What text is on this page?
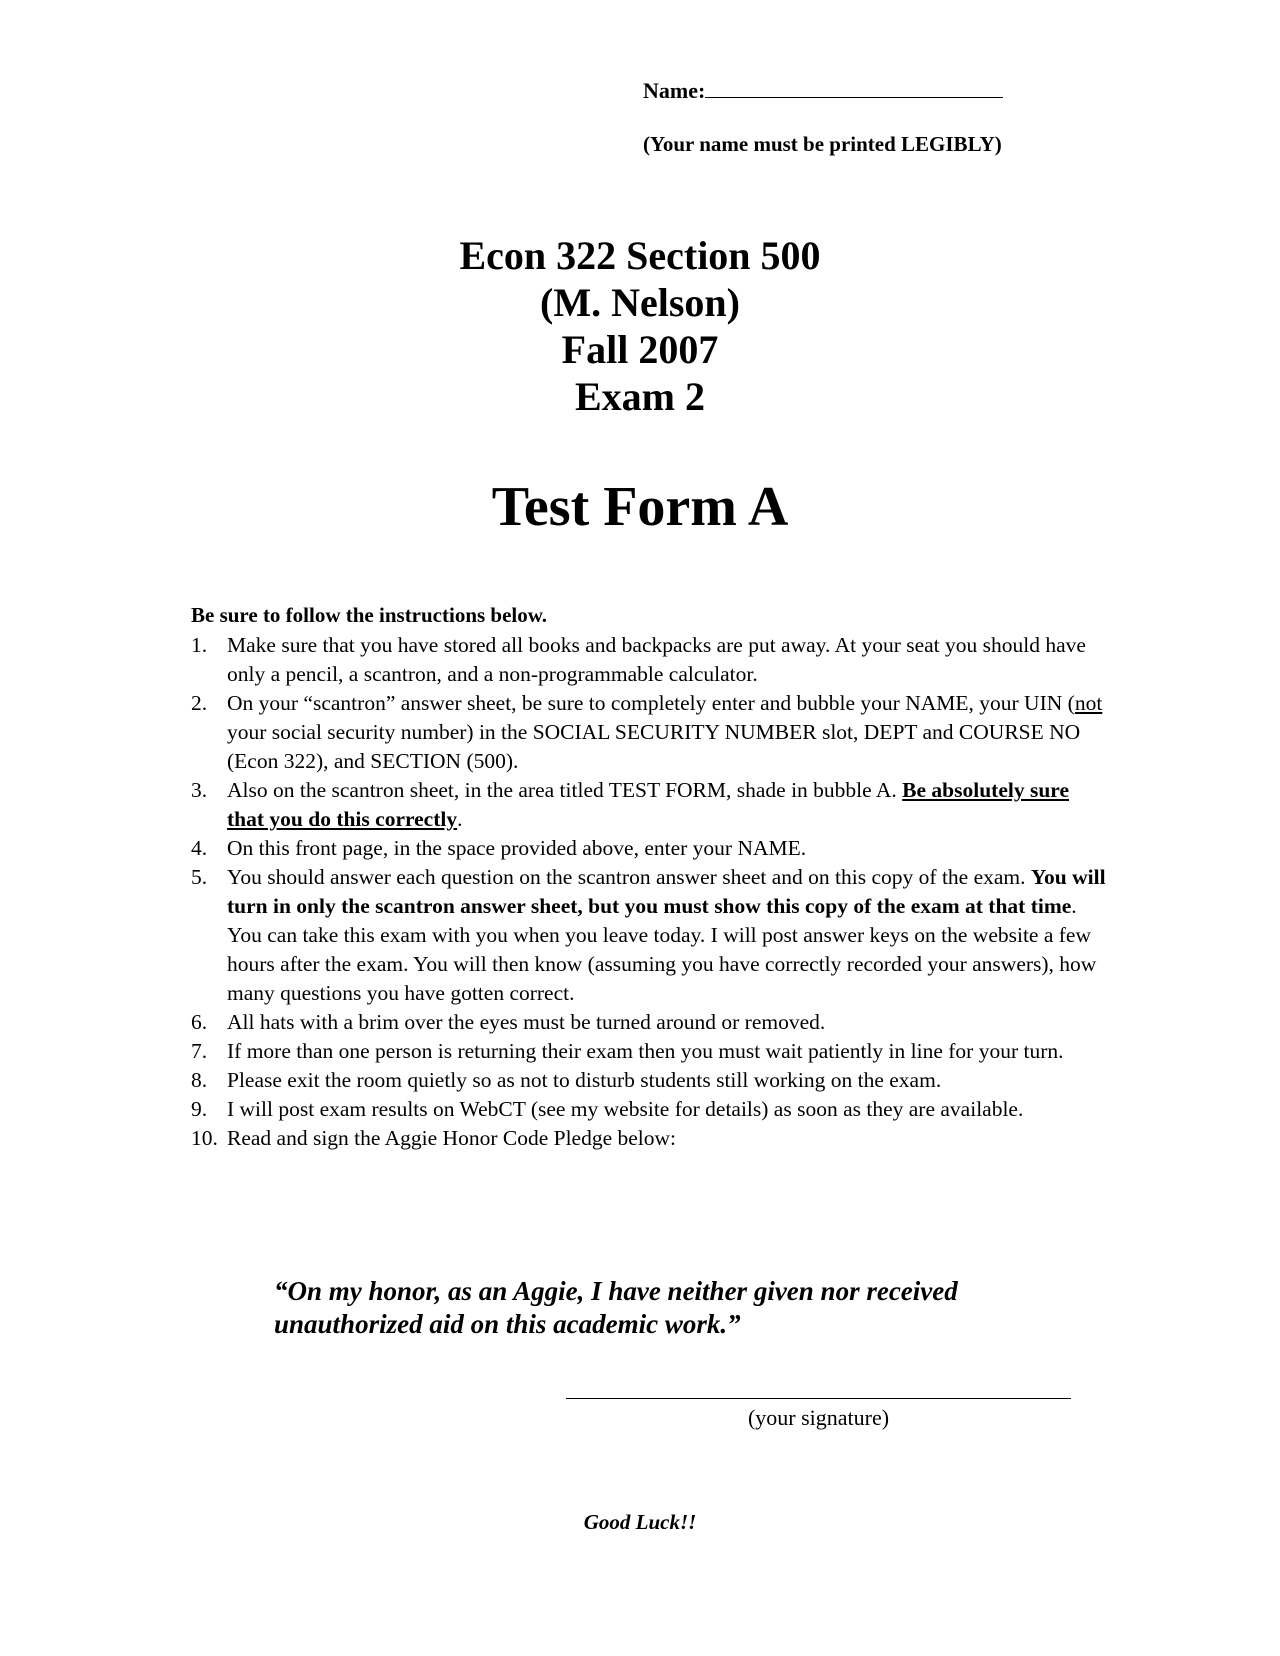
Name:
(Your name must be printed LEGIBLY)
Econ 322 Section 500
(M. Nelson)
Fall 2007
Exam 2
Test Form A
Be sure to follow the instructions below.
1. Make sure that you have stored all books and backpacks are put away. At your seat you should have only a pencil, a scantron, and a non-programmable calculator.
2. On your “scantron” answer sheet, be sure to completely enter and bubble your NAME, your UIN (not your social security number) in the SOCIAL SECURITY NUMBER slot, DEPT and COURSE NO (Econ 322), and SECTION (500).
3. Also on the scantron sheet, in the area titled TEST FORM, shade in bubble A. Be absolutely sure that you do this correctly.
4. On this front page, in the space provided above, enter your NAME.
5. You should answer each question on the scantron answer sheet and on this copy of the exam. You will turn in only the scantron answer sheet, but you must show this copy of the exam at that time. You can take this exam with you when you leave today. I will post answer keys on the website a few hours after the exam. You will then know (assuming you have correctly recorded your answers), how many questions you have gotten correct.
6. All hats with a brim over the eyes must be turned around or removed.
7. If more than one person is returning their exam then you must wait patiently in line for your turn.
8. Please exit the room quietly so as not to disturb students still working on the exam.
9. I will post exam results on WebCT (see my website for details) as soon as they are available.
10. Read and sign the Aggie Honor Code Pledge below:
“On my honor, as an Aggie, I have neither given nor received unauthorized aid on this academic work.”
(your signature)
Good Luck!!
